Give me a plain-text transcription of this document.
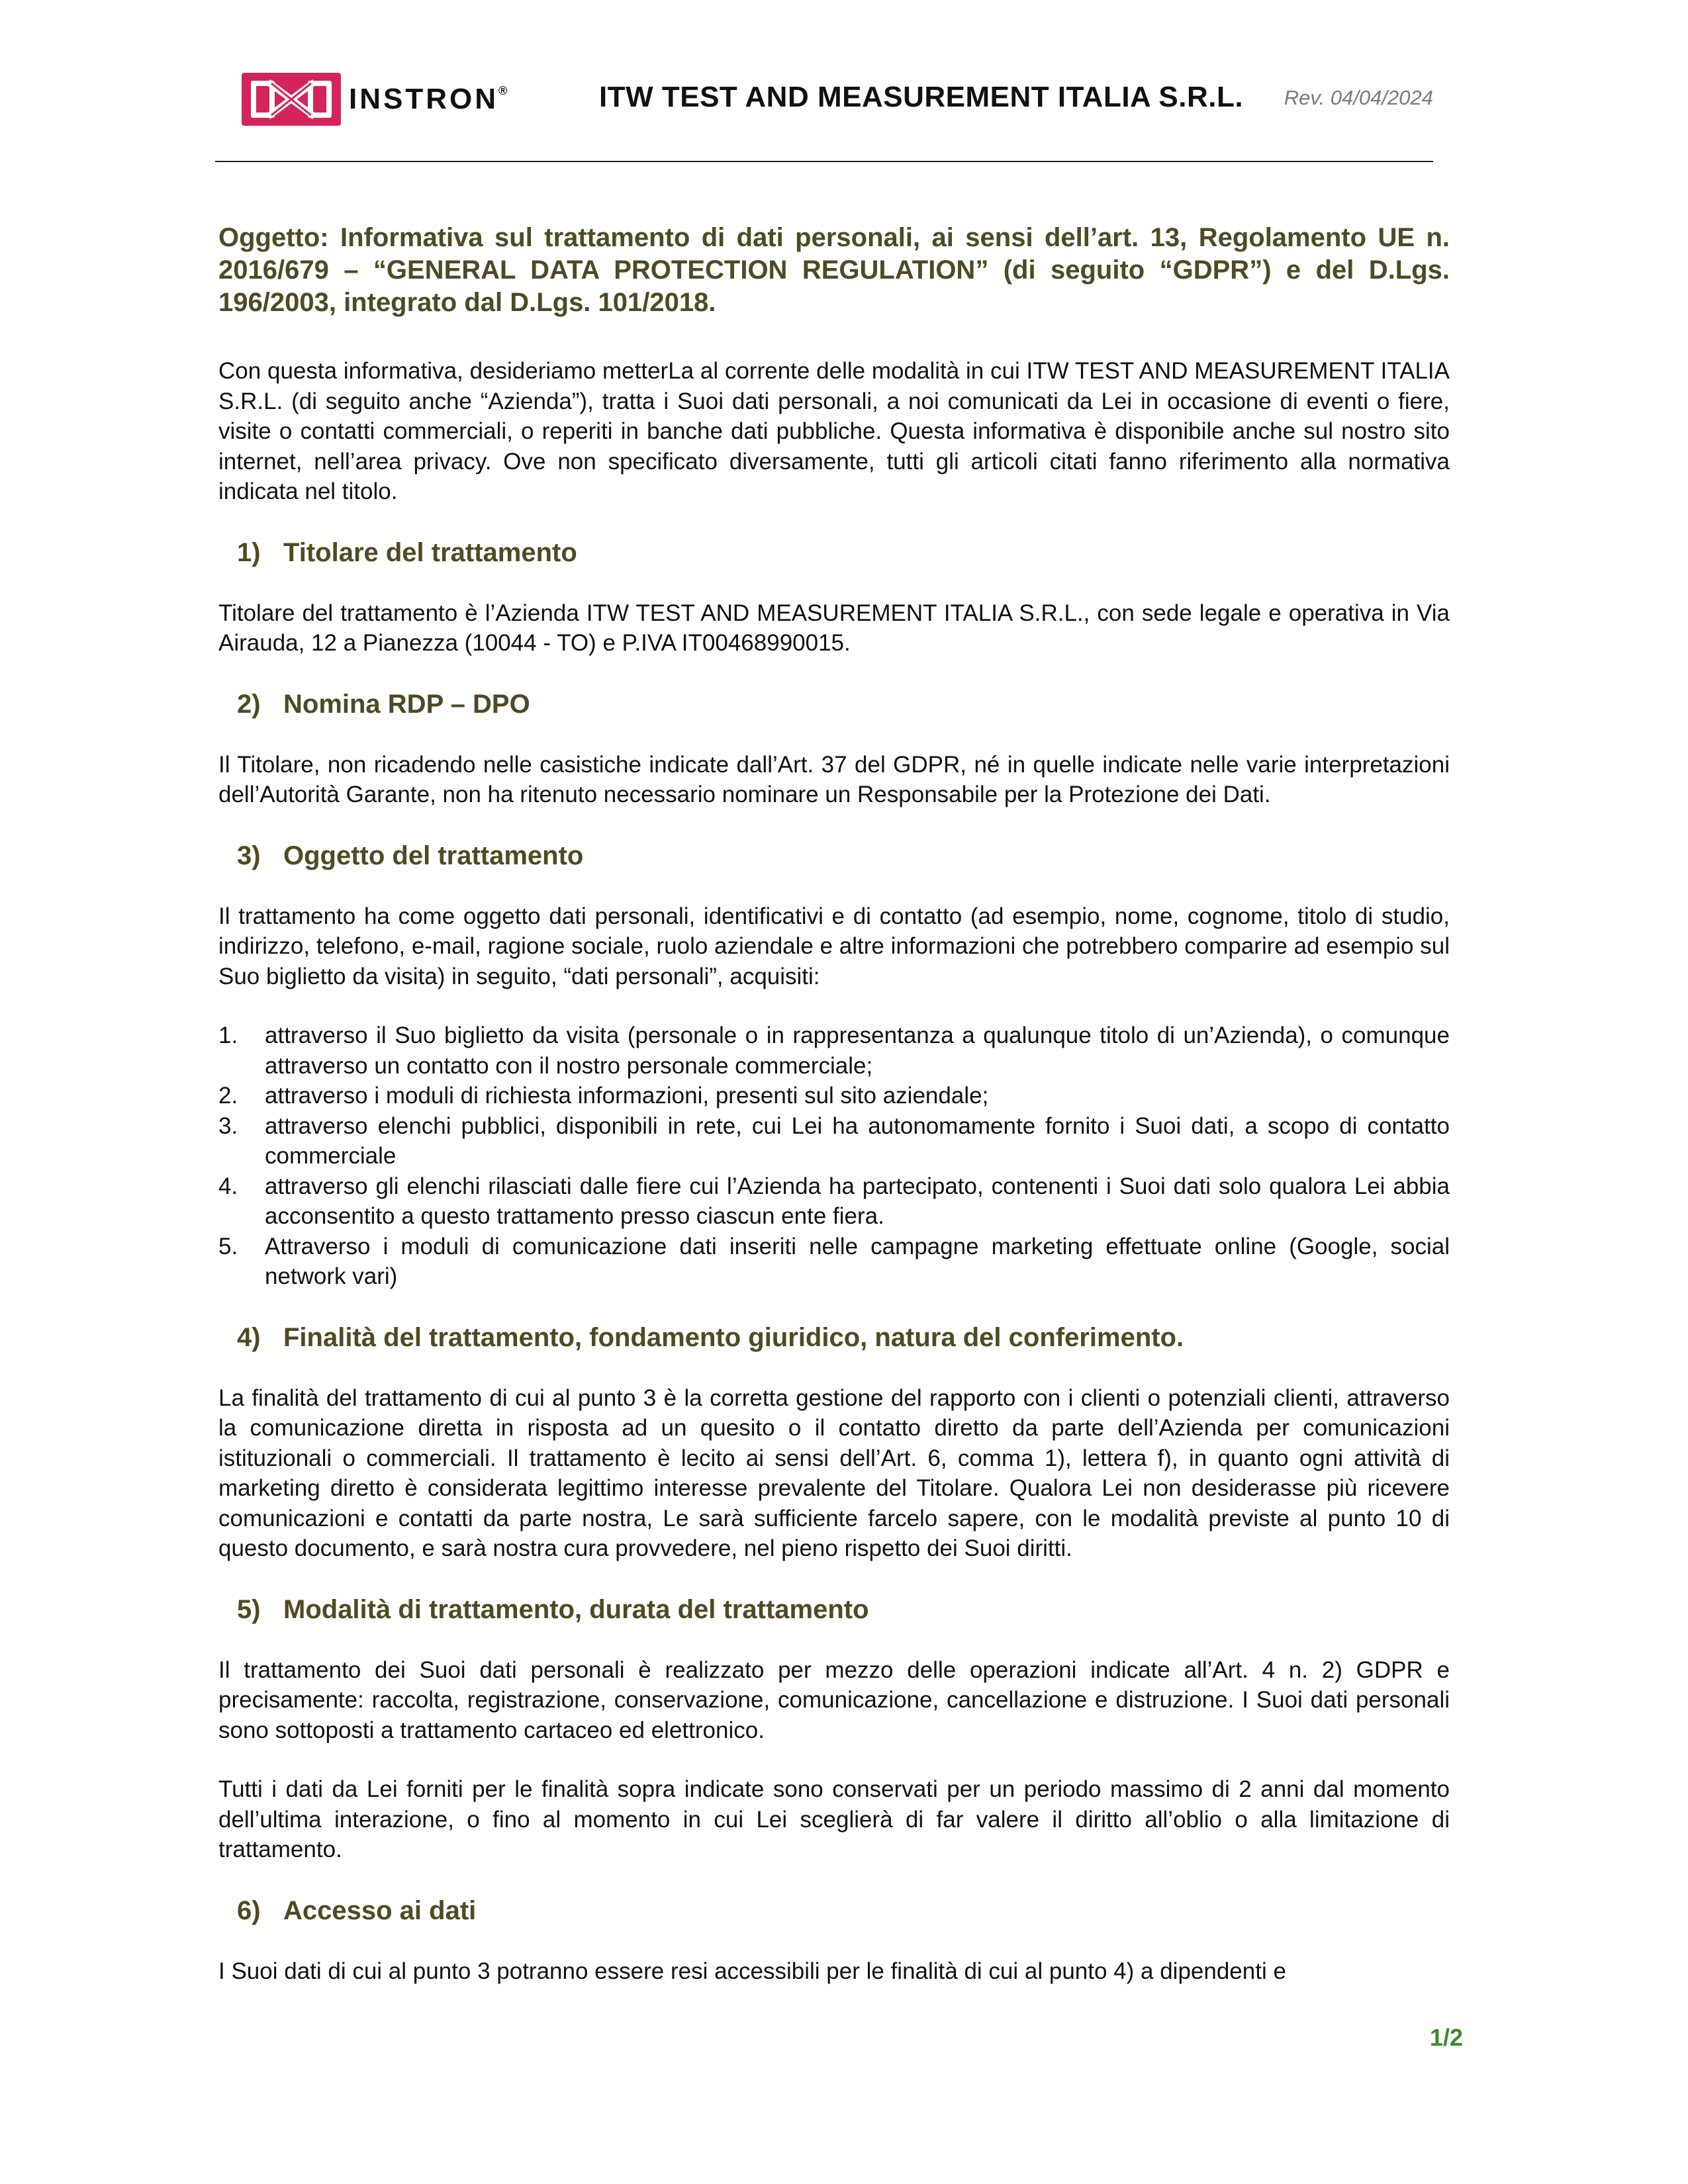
INSTRON®	ITW TEST AND MEASUREMENT ITALIA S.R.L. Rev. 04/04/2024
Oggetto: Informativa sul trattamento di dati personali, ai sensi dell’art. 13, Regolamento UE n. 2016/679 – “GENERAL DATA PROTECTION REGULATION” (di seguito “GDPR”) e del D.Lgs. 196/2003, integrato dal D.Lgs. 101/2018.

Con questa informativa, desideriamo metterLa al corrente delle modalità in cui ITW TEST AND MEASUREMENT ITALIA S.R.L. (di seguito anche “Azienda”), tratta i Suoi dati personali, a noi comunicati da Lei in occasione di eventi o fiere, visite o contatti commerciali, o reperiti in banche dati pubbliche. Questa informativa è disponibile anche sul nostro sito internet, nell’area privacy. Ove non specificato diversamente, tutti gli articoli citati fanno riferimento alla normativa indicata nel titolo.

1) Titolare del trattamento

Titolare del trattamento è l’Azienda ITW TEST AND MEASUREMENT ITALIA S.R.L., con sede legale e operativa in Via Airauda, 12 a Pianezza (10044 - TO) e P.IVA IT00468990015.

2) Nomina RDP – DPO

Il Titolare, non ricadendo nelle casistiche indicate dall’Art. 37 del GDPR, né in quelle indicate nelle varie interpretazioni dell’Autorità Garante, non ha ritenuto necessario nominare un Responsabile per la Protezione dei Dati.

3) Oggetto del trattamento

Il trattamento ha come oggetto dati personali, identificativi e di contatto (ad esempio, nome, cognome, titolo di studio, indirizzo, telefono, e-mail, ragione sociale, ruolo aziendale e altre informazioni che potrebbero comparire ad esempio sul Suo biglietto da visita) in seguito, “dati personali”, acquisiti:

1.	attraverso il Suo biglietto da visita (personale o in rappresentanza a qualunque titolo di un’Azienda), o comunque attraverso un contatto con il nostro personale commerciale;
2.	attraverso i moduli di richiesta informazioni, presenti sul sito aziendale;
3.	attraverso elenchi pubblici, disponibili in rete, cui Lei ha autonomamente fornito i Suoi dati, a scopo di contatto commerciale
4.	attraverso gli elenchi rilasciati dalle fiere cui l’Azienda ha partecipato, contenenti i Suoi dati solo qualora Lei abbia acconsentito a questo trattamento presso ciascun ente fiera.
5.	Attraverso i moduli di comunicazione dati inseriti nelle campagne marketing effettuate online (Google, social network vari)
4) Finalità del trattamento, fondamento giuridico, natura del conferimento.

La finalità del trattamento di cui al punto 3 è la corretta gestione del rapporto con i clienti o potenziali clienti, attraverso la comunicazione diretta in risposta ad un quesito o il contatto diretto da parte dell’Azienda per comunicazioni istituzionali o commerciali. Il trattamento è lecito ai sensi dell’Art. 6, comma 1), lettera f), in quanto ogni attività di marketing diretto è considerata legittimo interesse prevalente del Titolare. Qualora Lei non desiderasse più ricevere comunicazioni e contatti da parte nostra, Le sarà sufficiente farcelo sapere, con le modalità previste al punto 10 di questo documento, e sarà nostra cura provvedere, nel pieno rispetto dei Suoi diritti.

5) Modalità di trattamento, durata del trattamento

Il trattamento dei Suoi dati personali è realizzato per mezzo delle operazioni indicate all’Art. 4 n. 2) GDPR e precisamente: raccolta, registrazione, conservazione, comunicazione, cancellazione e distruzione. I Suoi dati personali sono sottoposti a trattamento cartaceo ed elettronico.

Tutti i dati da Lei forniti per le finalità sopra indicate sono conservati per un periodo massimo di 2 anni dal momento dell’ultima interazione, o fino al momento in cui Lei sceglierà di far valere il diritto all’oblio o alla limitazione di trattamento.

6) Accesso ai dati

I Suoi dati di cui al punto 3 potranno essere resi accessibili per le finalità di cui al punto 4) a dipendenti e

1/2
